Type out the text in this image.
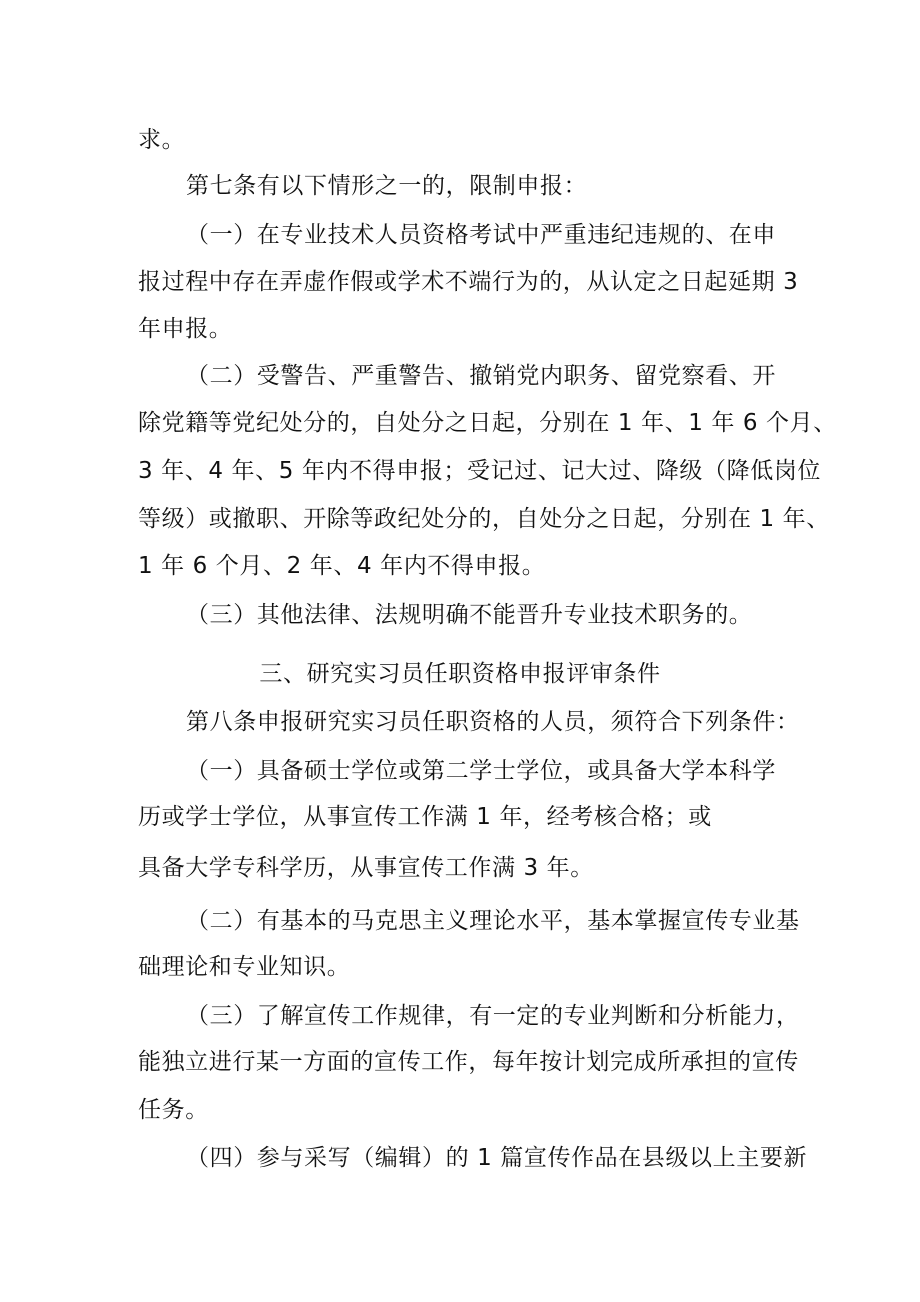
求。
第七条有以下情形之一的，限制申报：
（一）在专业技术人员资格考试中严重违纪违规的、在申
报过程中存在弄虚作假或学术不端行为的，从认定之日起延期 3
年申报。
（二）受警告、严重警告、撤销党内职务、留党察看、开
除党籍等党纪处分的，自处分之日起，分别在 1 年、1 年 6 个月、
3 年、4 年、5 年内不得申报；受记过、记大过、降级（降低岗位
等级）或撤职、开除等政纪处分的，自处分之日起，分别在 1 年、
1 年 6 个月、2 年、4 年内不得申报。
（三）其他法律、法规明确不能晋升专业技术职务的。
三、研究实习员任职资格申报评审条件
第八条申报研究实习员任职资格的人员，须符合下列条件：
（一）具备硕士学位或第二学士学位，或具备大学本科学
历或学士学位，从事宣传工作满 1 年，经考核合格；或
具备大学专科学历，从事宣传工作满 3 年。
（二）有基本的马克思主义理论水平，基本掌握宣传专业基
础理论和专业知识。
（三）了解宣传工作规律，有一定的专业判断和分析能力，
能独立进行某一方面的宣传工作，每年按计划完成所承担的宣传
任务。
（四）参与采写（编辑）的 1 篇宣传作品在县级以上主要新
